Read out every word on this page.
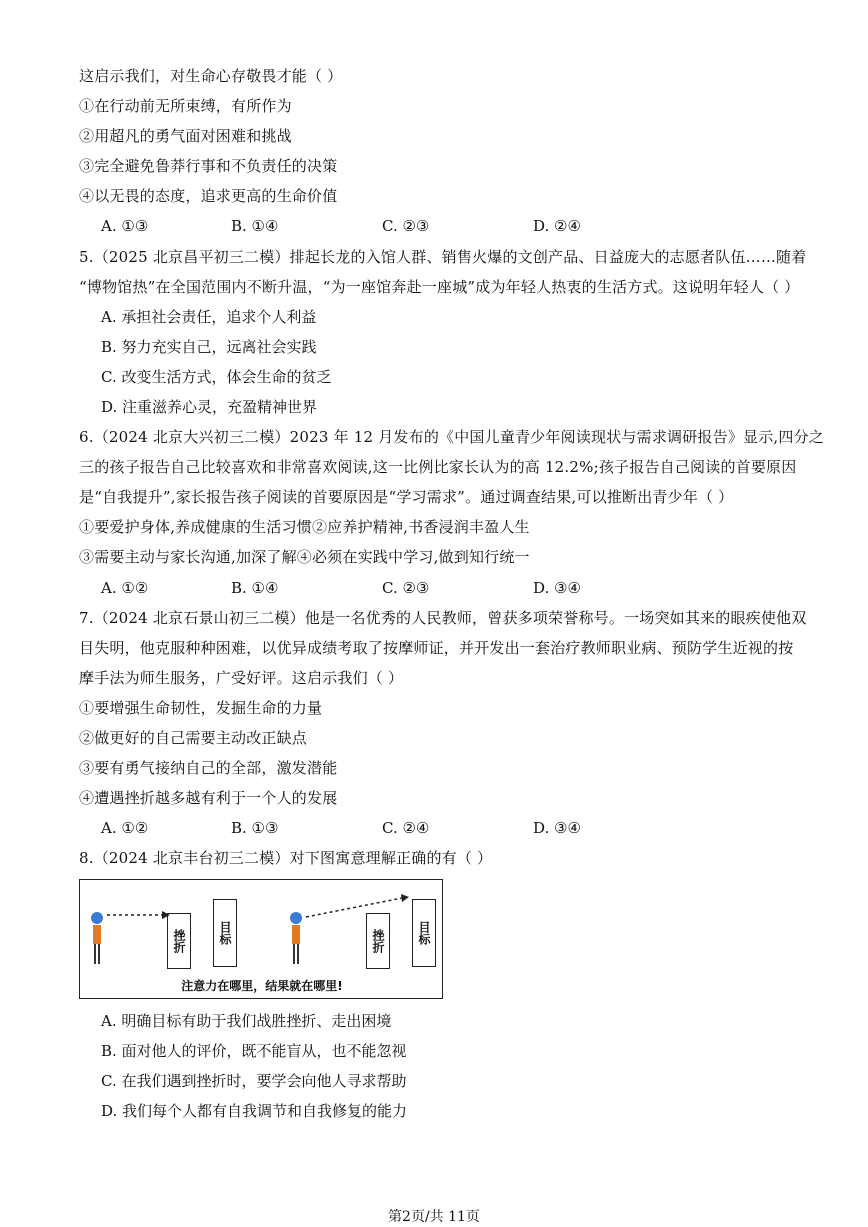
这启示我们，对生命心存敬畏才能（ ）
①在行动前无所束缚，有所作为
②用超凡的勇气面对困难和挑战
③完全避免鲁莽行事和不负责任的决策
④以无畏的态度，追求更高的生命价值
A. ①③	B. ①④	C. ②③	D. ②④
5.（2025 北京昌平初三二模）排起长龙的入馆人群、销售火爆的文创产品、日益庞大的志愿者队伍……随着
“博物馆热”在全国范围内不断升温，“为一座馆奔赴一座城”成为年轻人热衷的生活方式。这说明年轻人（ ）
A. 承担社会责任，追求个人利益
B. 努力充实自己，远离社会实践
C. 改变生活方式，体会生命的贫乏
D. 注重滋养心灵，充盈精神世界
6.（2024 北京大兴初三二模）2023 年 12 月发布的《中国儿童青少年阅读现状与需求调研报告》显示,四分之
三的孩子报告自己比较喜欢和非常喜欢阅读,这一比例比家长认为的高 12.2%;孩子报告自己阅读的首要原因
是“自我提升”,家长报告孩子阅读的首要原因是“学习需求”。通过调查结果,可以推断出青少年（ ）
①要爱护身体,养成健康的生活习惯②应养护精神,书香浸润丰盈人生
③需要主动与家长沟通,加深了解④必须在实践中学习,做到知行统一
A. ①②	B. ①④	C. ②③	D. ③④
7.（2024 北京石景山初三二模）他是一名优秀的人民教师，曾获多项荣誉称号。一场突如其来的眼疾使他双
目失明，他克服种种困难，以优异成绩考取了按摩师证，并开发出一套治疗教师职业病、预防学生近视的按
摩手法为师生服务，广受好评。这启示我们（ ）
①要增强生命韧性，发掘生命的力量
②做更好的自己需要主动改正缺点
③要有勇气接纳自己的全部，激发潜能
④遭遇挫折越多越有利于一个人的发展
A. ①②	B. ①③	C. ②④	D. ③④
8.（2024 北京丰台初三二模）对下图寓意理解正确的有（ ）
挫折	目标	挫折	目标
注意力在哪里，结果就在哪里!
A. 明确目标有助于我们战胜挫折、走出困境
B. 面对他人的评价，既不能盲从，也不能忽视
C. 在我们遇到挫折时，要学会向他人寻求帮助
D. 我们每个人都有自我调节和自我修复的能力
第2页/共 11页
